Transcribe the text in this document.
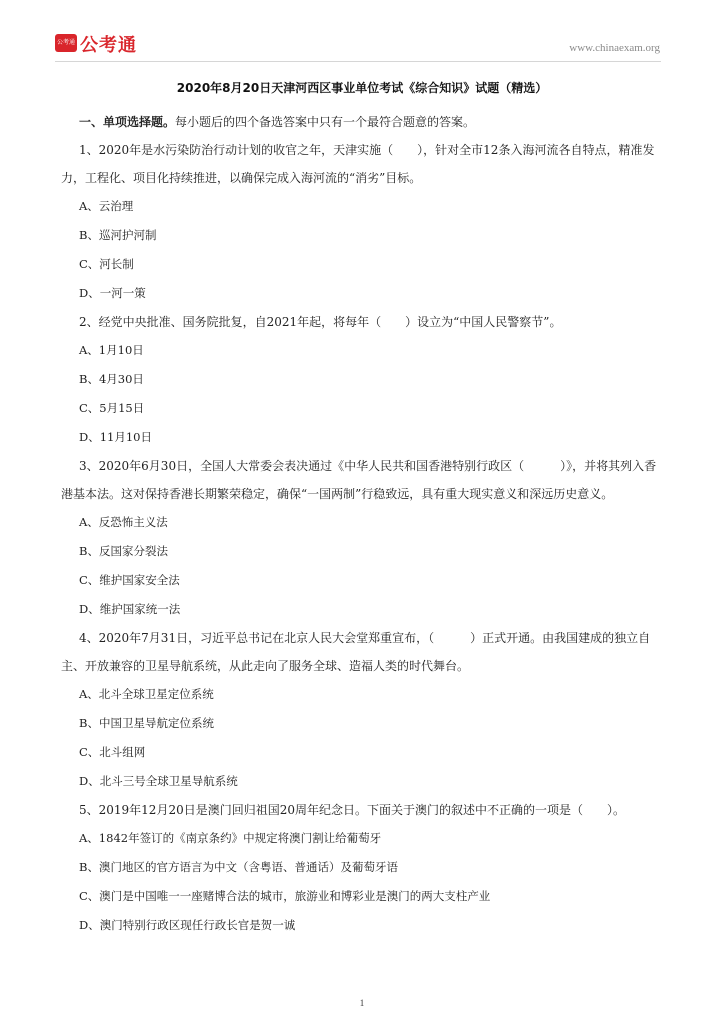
公考通 公考通	www.chinaexam.org
2020年8月20日天津河西区事业单位考试《综合知识》试题（精选）

一、单项选择题。每小题后的四个备选答案中只有一个最符合题意的答案。

1、2020年是水污染防治行动计划的收官之年，天津实施（　　），针对全市12条入海河流各自特点，精准发力，工程化、项目化持续推进，以确保完成入海河流的“消劣”目标。

A、云治理

B、巡河护河制

C、河长制

D、一河一策

2、经党中央批准、国务院批复，自2021年起，将每年（　　）设立为“中国人民警察节”。

A、1月10日

B、4月30日

C、5月15日

D、11月10日

3、2020年6月30日，全国人大常委会表决通过《中华人民共和国香港特别行政区（　　　）》，并将其列入香港基本法。这对保持香港长期繁荣稳定，确保“一国两制”行稳致远，具有重大现实意义和深远历史意义。

A、反恐怖主义法

B、反国家分裂法

C、维护国家安全法

D、维护国家统一法

4、2020年7月31日，习近平总书记在北京人民大会堂郑重宣布，（　　　）正式开通。由我国建成的独立自主、开放兼容的卫星导航系统，从此走向了服务全球、造福人类的时代舞台。

A、北斗全球卫星定位系统

B、中国卫星导航定位系统

C、北斗组网

D、北斗三号全球卫星导航系统

5、2019年12月20日是澳门回归祖国20周年纪念日。下面关于澳门的叙述中不正确的一项是（　　）。

A、1842年签订的《南京条约》中规定将澳门割让给葡萄牙

B、澳门地区的官方语言为中文（含粤语、普通话）及葡萄牙语

C、澳门是中国唯一一座赌博合法的城市，旅游业和博彩业是澳门的两大支柱产业

D、澳门特别行政区现任行政长官是贺一诚

1
